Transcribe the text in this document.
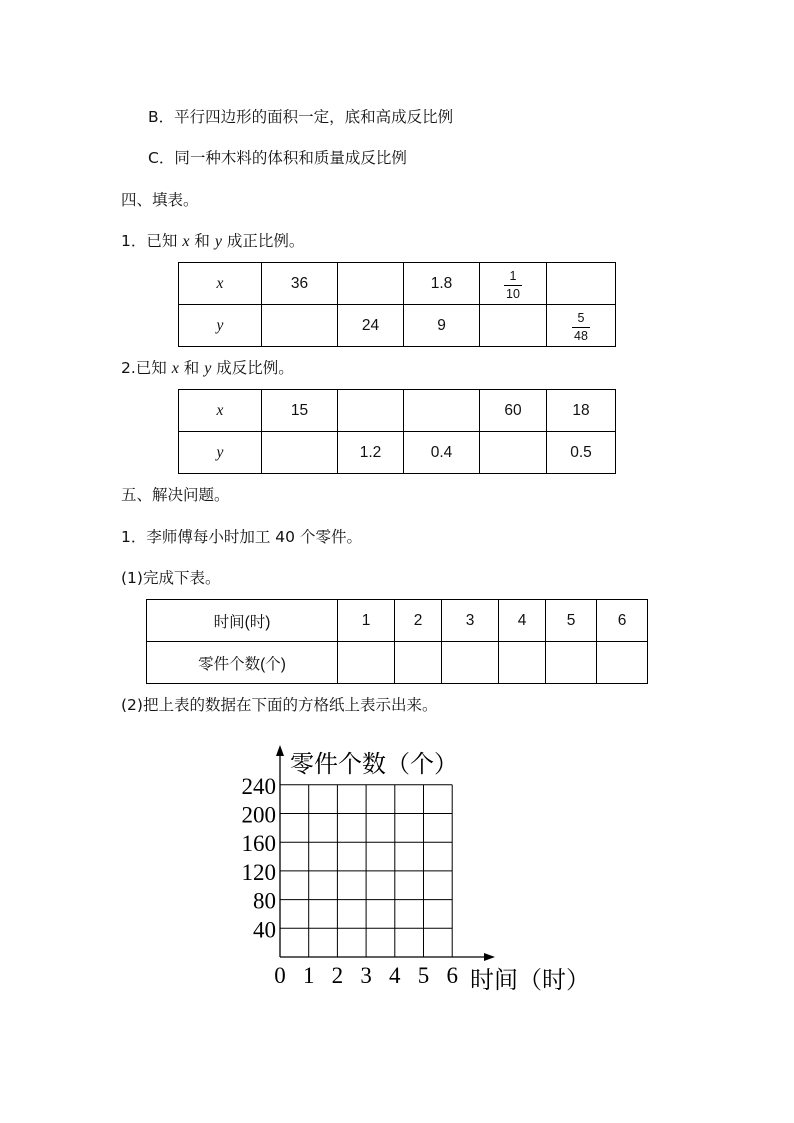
B．平行四边形的面积一定，底和高成反比例
C．同一种木料的体积和质量成反比例
四、填表。
1．已知 x 和 y 成正比例。
x	36		1.8	$\frac{1}{10}$

y		24	9		$\frac{5}{48}$
2.已知 x 和 y 成反比例。
x	15			60	18
y		1.2	0.4		0.5
五、解决问题。
1．李师傅每小时加工 40 个零件。
(1)完成下表。
时间(时)	1	2	3	4	5	6
零件个数(个)						
(2)把上表的数据在下面的方格纸上表示出来。
零件个数（个）
时间（时）
240
200
160
120
80
40
0 1 2 3 4 5 6
